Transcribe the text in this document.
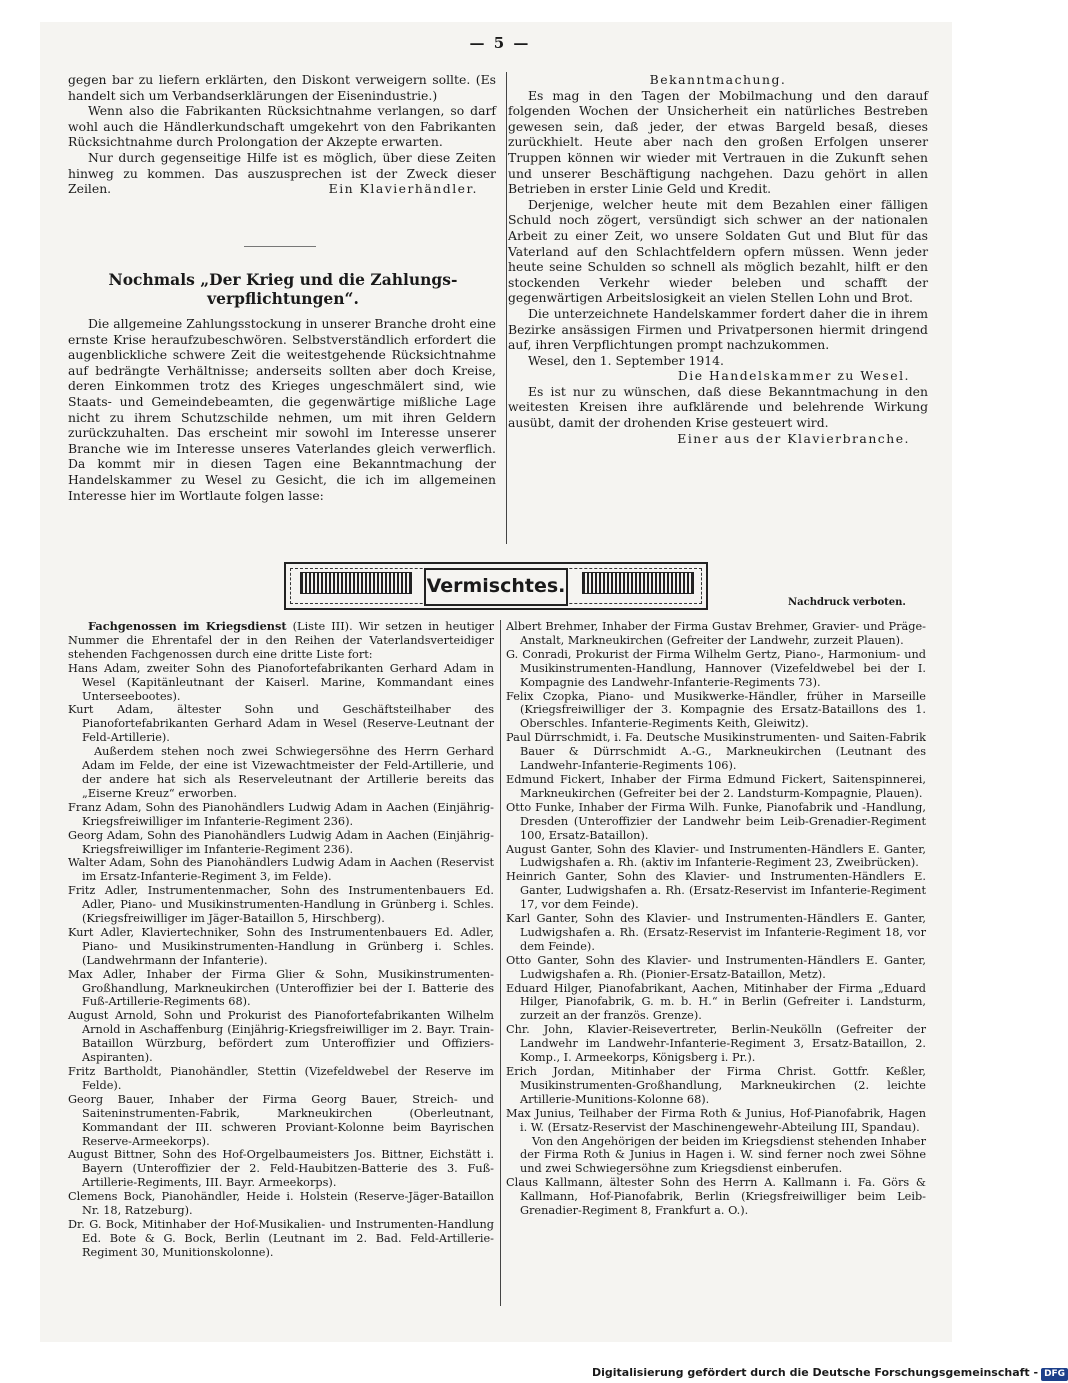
— 5 —

gegen bar zu liefern erklärten, den Diskont verweigern sollte. (Es handelt sich um Verbandserklärungen der Eisenindustrie.)

Wenn also die Fabrikanten Rücksichtnahme verlangen, so darf wohl auch die Händlerkundschaft umgekehrt von den Fabrikanten Rücksichtnahme durch Prolongation der Akzepte erwarten.

Nur durch gegenseitige Hilfe ist es möglich, über diese Zeiten hinweg zu kommen. Das auszusprechen ist der Zweck dieser Zeilen.	Ein Klavierhändler.

Nochmals „Der Krieg und die Zahlungs-verpflichtungen“.

Die allgemeine Zahlungsstockung in unserer Branche droht eine ernste Krise heraufzubeschwören. Selbstverständlich erfordert die augenblickliche schwere Zeit die weitestgehende Rücksichtnahme auf bedrängte Verhältnisse; anderseits sollten aber doch Kreise, deren Einkommen trotz des Krieges ungeschmälert sind, wie Staats- und Gemeindebeamten, die gegenwärtige mißliche Lage nicht zu ihrem Schutzschilde nehmen, um mit ihren Geldern zurückzuhalten. Das erscheint mir sowohl im Interesse unserer Branche wie im Interesse unseres Vaterlandes gleich verwerflich. Da kommt mir in diesen Tagen eine Bekanntmachung der Handelskammer zu Wesel zu Gesicht, die ich im allgemeinen Interesse hier im Wortlaute folgen lasse:

Bekanntmachung.

Es mag in den Tagen der Mobilmachung und den darauf folgenden Wochen der Unsicherheit ein natürliches Bestreben gewesen sein, daß jeder, der etwas Bargeld besaß, dieses zurückhielt. Heute aber nach den großen Erfolgen unserer Truppen können wir wieder mit Vertrauen in die Zukunft sehen und unserer Beschäftigung nachgehen. Dazu gehört in allen Betrieben in erster Linie Geld und Kredit.

Derjenige, welcher heute mit dem Bezahlen einer fälligen Schuld noch zögert, versündigt sich schwer an der nationalen Arbeit zu einer Zeit, wo unsere Soldaten Gut und Blut für das Vaterland auf den Schlachtfeldern opfern müssen. Wenn jeder heute seine Schulden so schnell als möglich bezahlt, hilft er den stockenden Verkehr wieder beleben und schafft der gegenwärtigen Arbeitslosigkeit an vielen Stellen Lohn und Brot.

Die unterzeichnete Handelskammer fordert daher die in ihrem Bezirke ansässigen Firmen und Privatpersonen hiermit dringend auf, ihren Verpflichtungen prompt nachzukommen.

Wesel, den 1. September 1914.

Die Handelskammer zu Wesel.

Es ist nur zu wünschen, daß diese Bekanntmachung in den weitesten Kreisen ihre aufklärende und belehrende Wirkung ausübt, damit der drohenden Krise gesteuert wird.

Einer aus der Klavierbranche.

Vermischtes.
Nachdruck verboten.

Fachgenossen im Kriegsdienst (Liste III). Wir setzen in heutiger Nummer die Ehrentafel der in den Reihen der Vaterlandsverteidiger stehenden Fachgenossen durch eine dritte Liste fort:

Hans Adam, zweiter Sohn des Pianofortefabrikanten Gerhard Adam in Wesel (Kapitänleutnant der Kaiserl. Marine, Kommandant eines Unterseebootes).

Kurt Adam, ältester Sohn und Geschäftsteilhaber des Pianofortefabrikanten Gerhard Adam in Wesel (Reserve-Leutnant der Feld-Artillerie).

Außerdem stehen noch zwei Schwiegersöhne des Herrn Gerhard Adam im Felde, der eine ist Vizewachtmeister der Feld-Artillerie, und der andere hat sich als Reserveleutnant der Artillerie bereits das „Eiserne Kreuz“ erworben.

Franz Adam, Sohn des Pianohändlers Ludwig Adam in Aachen (Einjährig-Kriegsfreiwilliger im Infanterie-Regiment 236).

Georg Adam, Sohn des Pianohändlers Ludwig Adam in Aachen (Einjährig-Kriegsfreiwilliger im Infanterie-Regiment 236).

Walter Adam, Sohn des Pianohändlers Ludwig Adam in Aachen (Reservist im Ersatz-Infanterie-Regiment 3, im Felde).

Fritz Adler, Instrumentenmacher, Sohn des Instrumentenbauers Ed. Adler, Piano- und Musikinstrumenten-Handlung in Grünberg i. Schles. (Kriegsfreiwilliger im Jäger-Bataillon 5, Hirschberg).

Kurt Adler, Klaviertechniker, Sohn des Instrumentenbauers Ed. Adler, Piano- und Musikinstrumenten-Handlung in Grünberg i. Schles. (Landwehrmann der Infanterie).

Max Adler, Inhaber der Firma Glier & Sohn, Musikinstrumenten-Großhandlung, Markneukirchen (Unteroffizier bei der I. Batterie des Fuß-Artillerie-Regiments 68).

August Arnold, Sohn und Prokurist des Pianofortefabrikanten Wilhelm Arnold in Aschaffenburg (Einjährig-Kriegsfreiwilliger im 2. Bayr. Train-Bataillon Würzburg, befördert zum Unteroffizier und Offiziers-Aspiranten).

Fritz Bartholdt, Pianohändler, Stettin (Vizefeldwebel der Reserve im Felde).

Georg Bauer, Inhaber der Firma Georg Bauer, Streich- und Saiteninstrumenten-Fabrik, Markneukirchen (Oberleutnant, Kommandant der III. schweren Proviant-Kolonne beim Bayrischen Reserve-Armeekorps).

August Bittner, Sohn des Hof-Orgelbaumeisters Jos. Bittner, Eichstätt i. Bayern (Unteroffizier der 2. Feld-Haubitzen-Batterie des 3. Fuß-Artillerie-Regiments, III. Bayr. Armeekorps).

Clemens Bock, Pianohändler, Heide i. Holstein (Reserve-Jäger-Bataillon Nr. 18, Ratzeburg).

Dr. G. Bock, Mitinhaber der Hof-Musikalien- und Instrumenten-Handlung Ed. Bote & G. Bock, Berlin (Leutnant im 2. Bad. Feld-Artillerie-Regiment 30, Munitionskolonne).

Albert Brehmer, Inhaber der Firma Gustav Brehmer, Gravier- und Präge-Anstalt, Markneukirchen (Gefreiter der Landwehr, zurzeit Plauen).

G. Conradi, Prokurist der Firma Wilhelm Gertz, Piano-, Harmonium- und Musikinstrumenten-Handlung, Hannover (Vizefeldwebel bei der I. Kompagnie des Landwehr-Infanterie-Regiments 73).

Felix Czopka, Piano- und Musikwerke-Händler, früher in Marseille (Kriegsfreiwilliger der 3. Kompagnie des Ersatz-Bataillons des 1. Oberschles. Infanterie-Regiments Keith, Gleiwitz).

Paul Dürrschmidt, i. Fa. Deutsche Musikinstrumenten- und Saiten-Fabrik Bauer & Dürrschmidt A.-G., Markneukirchen (Leutnant des Landwehr-Infanterie-Regiments 106).

Edmund Fickert, Inhaber der Firma Edmund Fickert, Saitenspinnerei, Markneukirchen (Gefreiter bei der 2. Landsturm-Kompagnie, Plauen).

Otto Funke, Inhaber der Firma Wilh. Funke, Pianofabrik und -Handlung, Dresden (Unteroffizier der Landwehr beim Leib-Grenadier-Regiment 100, Ersatz-Bataillon).

August Ganter, Sohn des Klavier- und Instrumenten-Händlers E. Ganter, Ludwigshafen a. Rh. (aktiv im Infanterie-Regiment 23, Zweibrücken).

Heinrich Ganter, Sohn des Klavier- und Instrumenten-Händlers E. Ganter, Ludwigshafen a. Rh. (Ersatz-Reservist im Infanterie-Regiment 17, vor dem Feinde).

Karl Ganter, Sohn des Klavier- und Instrumenten-Händlers E. Ganter, Ludwigshafen a. Rh. (Ersatz-Reservist im Infanterie-Regiment 18, vor dem Feinde).

Otto Ganter, Sohn des Klavier- und Instrumenten-Händlers E. Ganter, Ludwigshafen a. Rh. (Pionier-Ersatz-Bataillon, Metz).

Eduard Hilger, Pianofabrikant, Aachen, Mitinhaber der Firma „Eduard Hilger, Pianofabrik, G. m. b. H.“ in Berlin (Gefreiter i. Landsturm, zurzeit an der französ. Grenze).

Chr. John, Klavier-Reisevertreter, Berlin-Neukölln (Gefreiter der Landwehr im Landwehr-Infanterie-Regiment 3, Ersatz-Bataillon, 2. Komp., I. Armeekorps, Königsberg i. Pr.).

Erich Jordan, Mitinhaber der Firma Christ. Gottfr. Keßler, Musikinstrumenten-Großhandlung, Markneukirchen (2. leichte Artillerie-Munitions-Kolonne 68).

Max Junius, Teilhaber der Firma Roth & Junius, Hof-Pianofabrik, Hagen i. W. (Ersatz-Reservist der Maschinengewehr-Abteilung III, Spandau).

Von den Angehörigen der beiden im Kriegsdienst stehenden Inhaber der Firma Roth & Junius in Hagen i. W. sind ferner noch zwei Söhne und zwei Schwiegersöhne zum Kriegsdienst einberufen.

Claus Kallmann, ältester Sohn des Herrn A. Kallmann i. Fa. Görs & Kallmann, Hof-Pianofabrik, Berlin (Kriegsfreiwilliger beim Leib-Grenadier-Regiment 8, Frankfurt a. O.).

Digitalisierung gefördert durch die Deutsche Forschungsgemeinschaft - DFG
